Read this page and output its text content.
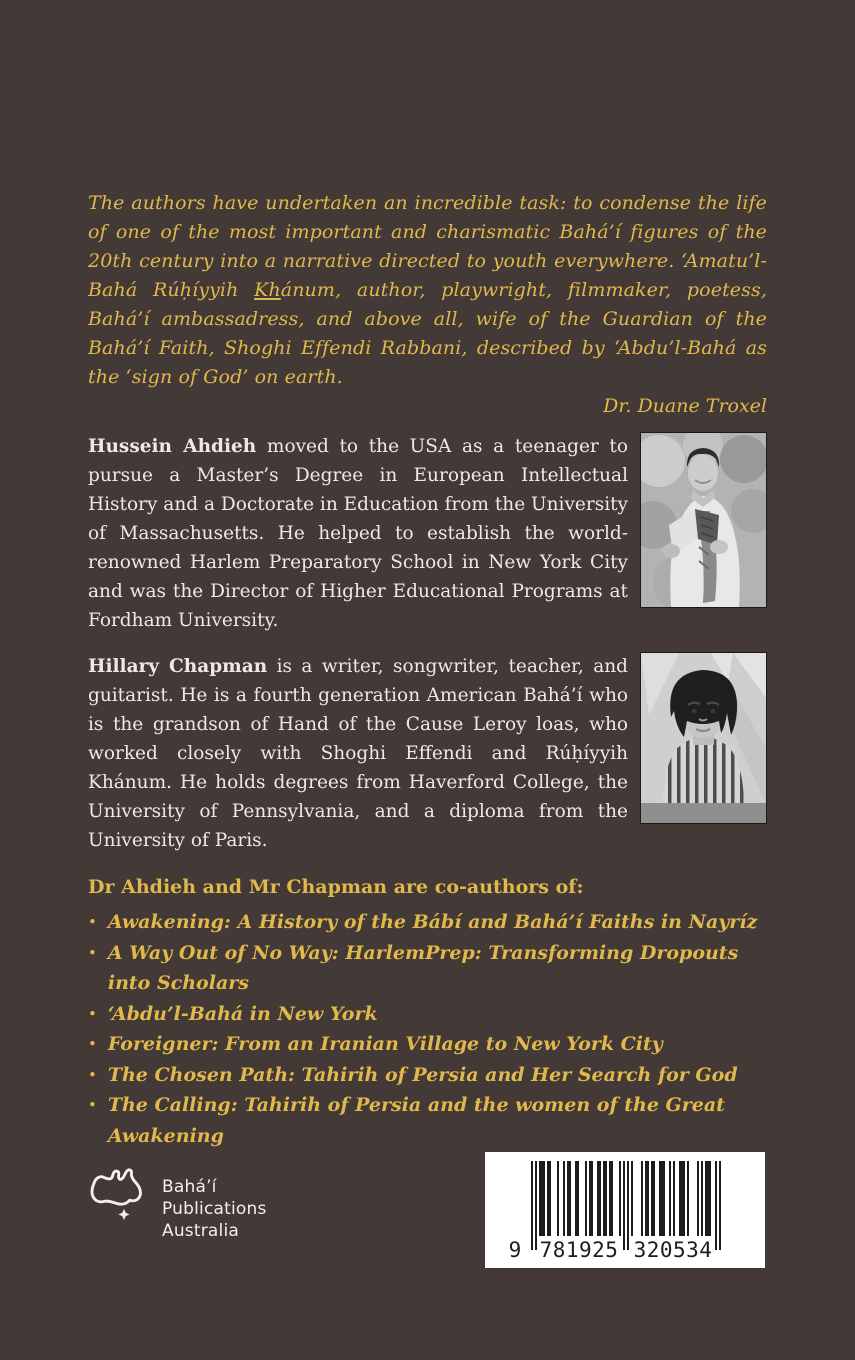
The authors have undertaken an incredible task: to condense the life of one of the most important and charismatic Bahá’í figures of the 20th century into a narrative directed to youth everywhere. ‘Amatu’l-Bahá Rúḥíyyih Khánum, author, playwright, filmmaker, poetess, Bahá’í ambassadress, and above all, wife of the Guardian of the Bahá’í Faith, Shoghi Effendi Rabbani, described by ‘Abdu’l-Bahá as the ‘sign of God’ on earth.

Dr. Duane Troxel

Hussein Ahdieh moved to the USA as a teenager to pursue a Master’s Degree in European Intellectual History and a Doctorate in Education from the University of Massachusetts. He helped to establish the world-renowned Harlem Preparatory School in New York City and was the Director of Higher Educational Programs at Fordham University.

Hillary Chapman is a writer, songwriter, teacher, and guitarist. He is a fourth generation American Bahá’í who is the grandson of Hand of the Cause Leroy loas, who worked closely with Shoghi Effendi and Rúḥíyyih Khánum. He holds degrees from Haverford College, the University of Pennsylvania, and a diploma from the University of Paris.

Dr Ahdieh and Mr Chapman are co-authors of:

• Awakening: A History of the Bábí and Bahá’í Faiths in Nayríz
• A Way Out of No Way: HarlemPrep: Transforming Dropouts into Scholars
• ‘Abdu’l-Bahá in New York
• Foreigner: From an Iranian Village to New York City
• The Chosen Path: Tahirih of Persia and Her Search for God
• The Calling: Tahirih of Persia and the women of the Great Awakening
Bahá’í
Publications
Australia
9 781925 320534
